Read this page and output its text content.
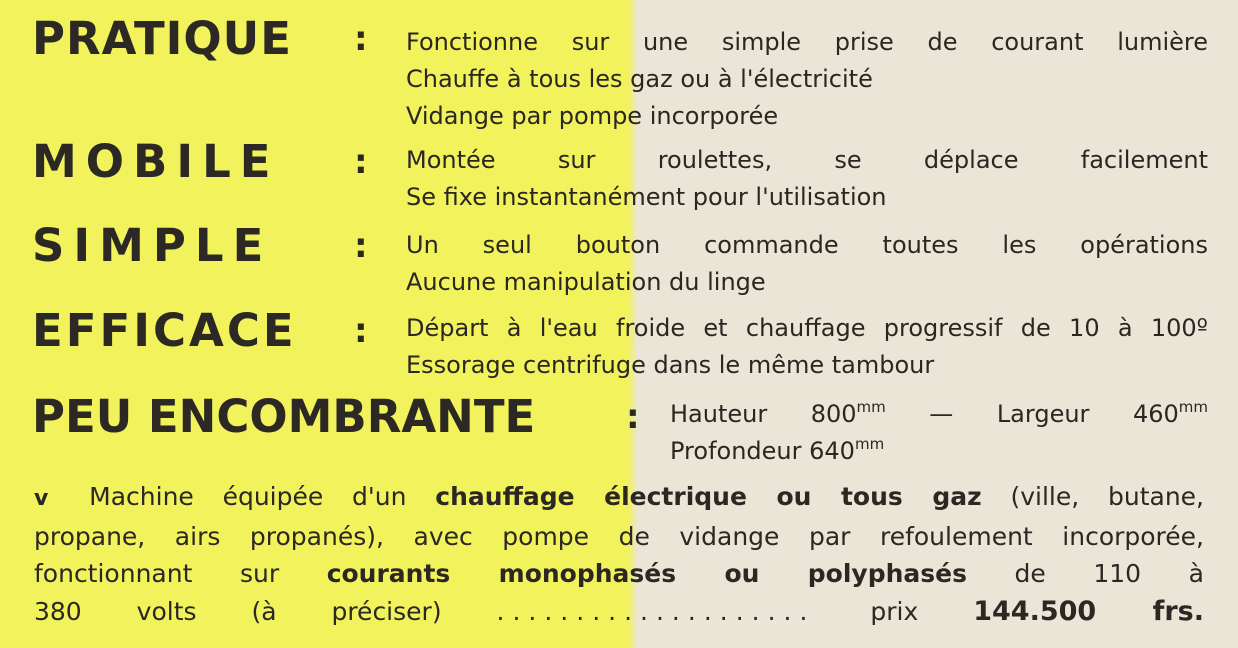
PRATIQUE : Fonctionne sur une simple prise de courant lumière
Chauffe à tous les gaz ou à l'électricité
Vidange par pompe incorporée
MOBILE : Montée sur roulettes, se déplace facilement
Se fixe instantanément pour l'utilisation
SIMPLE : Un seul bouton commande toutes les opérations
Aucune manipulation du linge
EFFICACE : Départ à l'eau froide et chauffage progressif de 10 à 100º
Essorage centrifuge dans le même tambour
PEU ENCOMBRANTE	: Hauteur $800^{mm}$ — Largeur $460^{mm}$
Profondeur $640^{mm}$
v Machine équipée d'un chauffage électrique ou tous gaz (ville, butane,
propane, airs propanés), avec pompe de vidange par refoulement incorporée,
fonctionnant sur courants monophasés ou polyphasés de 110 à
380 volts (à préciser) .................... prix 144.500 frs.
